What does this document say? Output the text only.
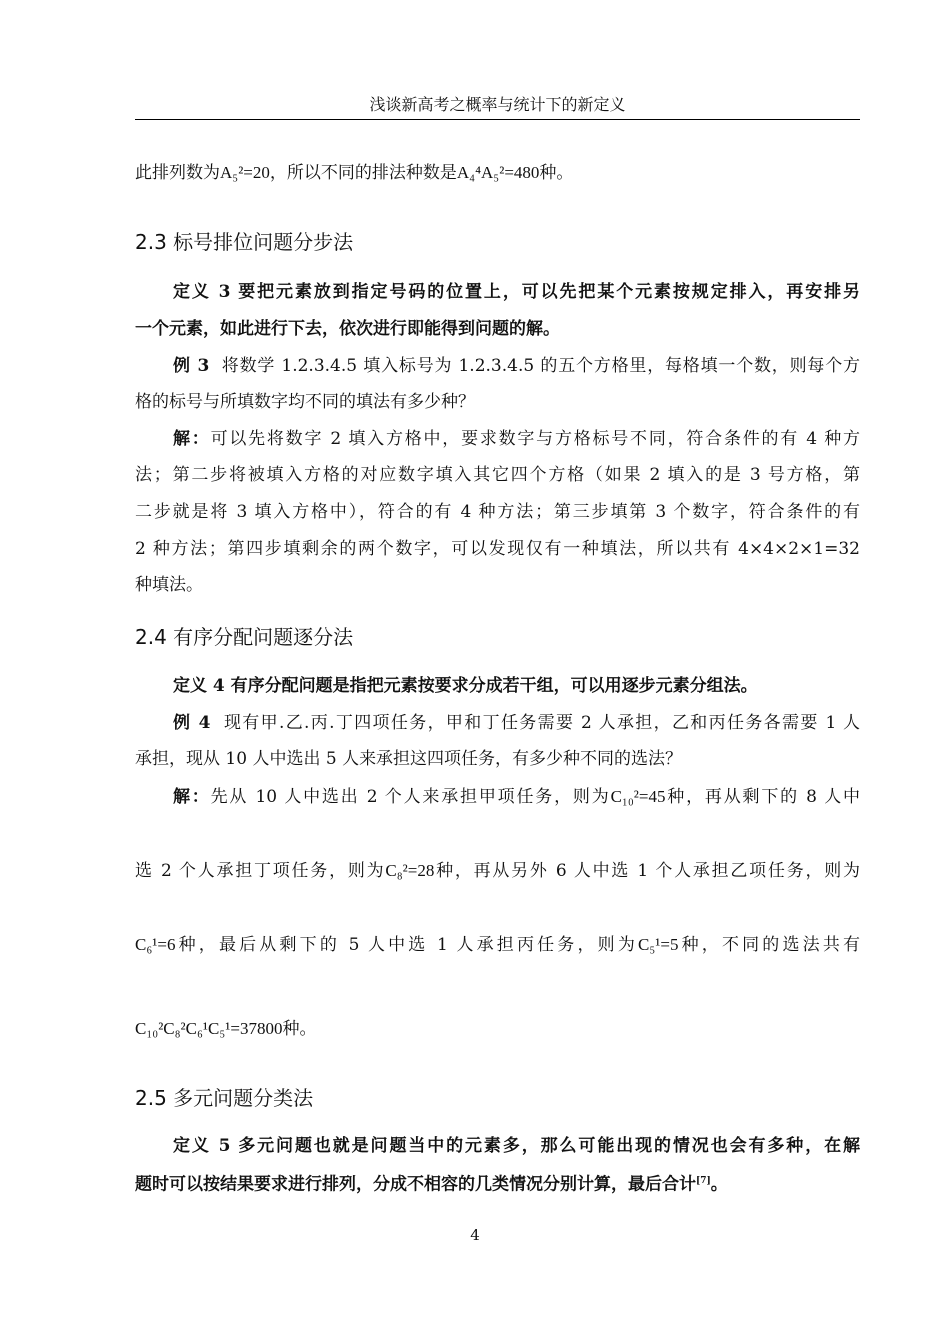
浅谈新高考之概率与统计下的新定义
此排列数为A₅²=20，所以不同的排法种数是A₄⁴A₅²=480种。
2.3 标号排位问题分步法
定义 3 要把元素放到指定号码的位置上，可以先把某个元素按规定排入，再安排另
一个元素，如此进行下去，依次进行即能得到问题的解。
例 3 将数学 1.2.3.4.5 填入标号为 1.2.3.4.5 的五个方格里，每格填一个数，则每个方
格的标号与所填数字均不同的填法有多少种？
解：可以先将数字 2 填入方格中，要求数字与方格标号不同，符合条件的有 4 种方
法；第二步将被填入方格的对应数字填入其它四个方格（如果 2 填入的是 3 号方格，第
二步就是将 3 填入方格中），符合的有 4 种方法；第三步填第 3 个数字，符合条件的有
2 种方法；第四步填剩余的两个数字，可以发现仅有一种填法，所以共有 4×4×2×1=32
种填法。
2.4 有序分配问题逐分法
定义 4 有序分配问题是指把元素按要求分成若干组，可以用逐步元素分组法。
例 4 现有甲.乙.丙.丁四项任务，甲和丁任务需要 2 人承担，乙和丙任务各需要 1 人
承担，现从 10 人中选出 5 人来承担这四项任务，有多少种不同的选法？
解：先从 10 人中选出 2 个人来承担甲项任务，则为C₁₀²=45种，再从剩下的 8 人中
选 2 个人承担丁项任务，则为C₈²=28种，再从另外 6 人中选 1 个人承担乙项任务，则为
C₆¹=6种，最后从剩下的 5 人中选 1 人承担丙任务，则为C₅¹=5种，不同的选法共有
C₁₀²C₈²C₆¹C₅¹=37800种。
2.5 多元问题分类法
定义 5 多元问题也就是问题当中的元素多，那么可能出现的情况也会有多种，在解
题时可以按结果要求进行排列，分成不相容的几类情况分别计算，最后合计[7]。
4
